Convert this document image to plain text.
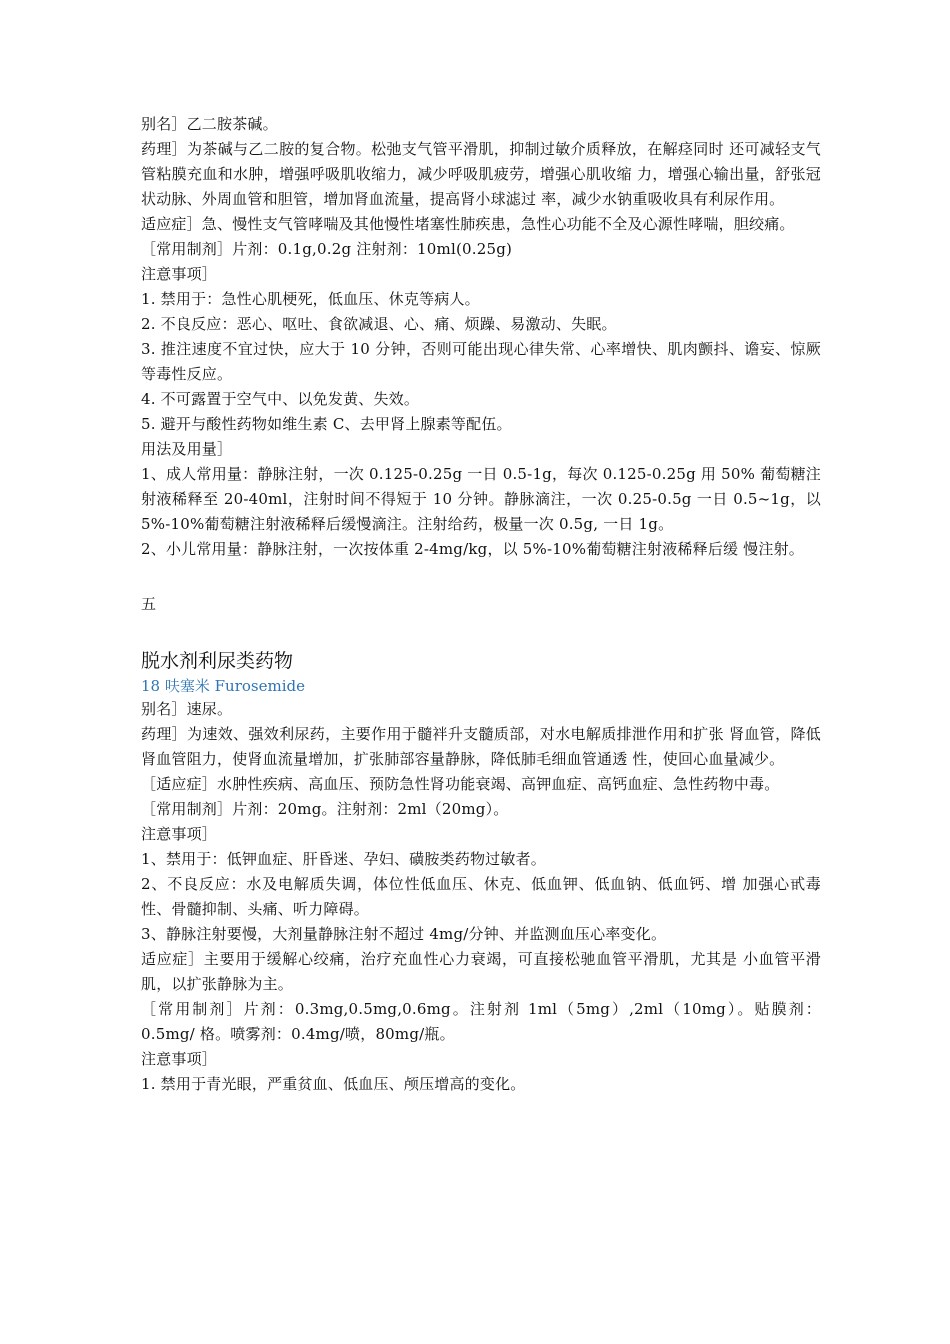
别名］乙二胺茶碱。

药理］为茶碱与乙二胺的复合物。松弛支气管平滑肌，抑制过敏介质释放，在解痉同时 还可减轻支气管粘膜充血和水肿，增强呼吸肌收缩力，减少呼吸肌疲劳，增强心肌收缩 力，增强心输出量，舒张冠状动脉、外周血管和胆管，增加肾血流量，提高肾小球滤过 率，减少水钠重吸收具有利尿作用。

适应症］急、慢性支气管哮喘及其他慢性堵塞性肺疾患，急性心功能不全及心源性哮喘，胆绞痛。

［常用制剂］片剂：0.1g,0.2g 注射剂：10ml(0.25g)

注意事项］

1. 禁用于：急性心肌梗死，低血压、休克等病人。

2. 不良反应：恶心、呕吐、食欲减退、心、痛、烦躁、易激动、失眠。

3. 推注速度不宜过快，应大于 10 分钟，否则可能出现心律失常、心率增快、肌肉颤抖、谵妄、惊厥等毒性反应。

4. 不可露置于空气中、以免发黄、失效。

5. 避开与酸性药物如维生素 C、去甲肾上腺素等配伍。

用法及用量］

1、成人常用量：静脉注射，一次 0.125-0.25g 一日 0.5-1g，每次 0.125-0.25g 用 50% 葡萄糖注射液稀释至 20-40ml，注射时间不得短于 10 分钟。静脉滴注，一次 0.25-0.5g 一日 0.5~1g，以 5%-10%葡萄糖注射液稀释后缓慢滴注。注射给药，极量一次 0.5g, 一日 1g。

2、小儿常用量：静脉注射，一次按体重 2-4mg/kg，以 5%-10%葡萄糖注射液稀释后缓 慢注射。

五

脱水剂利尿类药物

18 呋塞米 Furosemide

别名］速尿。

药理］为速效、强效利尿药，主要作用于髓袢升支髓质部，对水电解质排泄作用和扩张 肾血管，降低肾血管阻力，使肾血流量增加，扩张肺部容量静脉，降低肺毛细血管通透 性，使回心血量减少。

［适应症］水肿性疾病、高血压、预防急性肾功能衰竭、高钾血症、高钙血症、急性药物中毒。

［常用制剂］片剂：20mg。注射剂：2ml（20mg）。

注意事项］

1、禁用于：低钾血症、肝昏迷、孕妇、磺胺类药物过敏者。

2、不良反应：水及电解质失调，体位性低血压、休克、低血钾、低血钠、低血钙、增 加强心甙毒性、骨髓抑制、头痛、听力障碍。

3、静脉注射要慢，大剂量静脉注射不超过 4mg/分钟、并监测血压心率变化。

适应症］主要用于缓解心绞痛，治疗充血性心力衰竭，可直接松驰血管平滑肌，尤其是 小血管平滑肌，以扩张静脉为主。

［常用制剂］片剂：0.3mg,0.5mg,0.6mg。注射剂 1ml（5mg）,2ml（10mg）。贴膜剂：0.5mg/ 格。喷雾剂：0.4mg/喷，80mg/瓶。

注意事项］

1. 禁用于青光眼，严重贫血、低血压、颅压增高的变化。
